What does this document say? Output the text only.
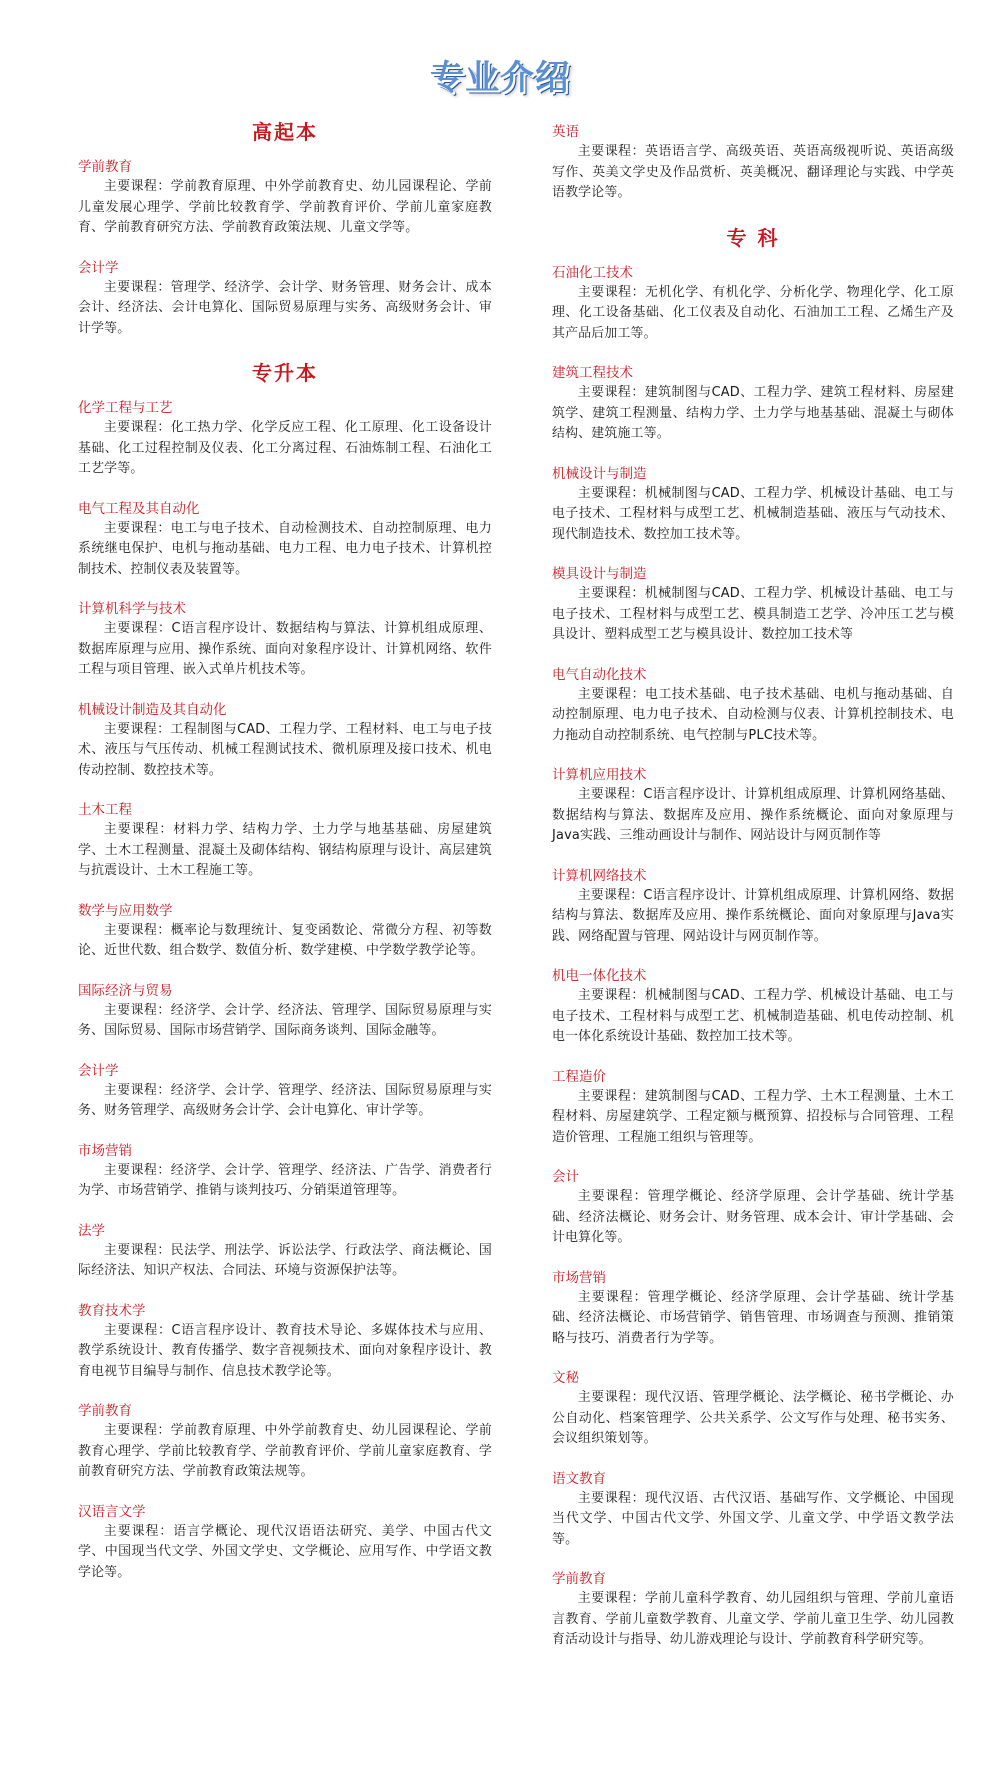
专业介绍
高起本

学前教育

主要课程：学前教育原理、中外学前教育史、幼儿园课程论、学前儿童发展心理学、学前比较教育学、学前教育评价、学前儿童家庭教育、学前教育研究方法、学前教育政策法规、儿童文学等。

会计学

主要课程：管理学、经济学、会计学、财务管理、财务会计、成本会计、经济法、会计电算化、国际贸易原理与实务、高级财务会计、审计学等。

专升本

化学工程与工艺

主要课程：化工热力学、化学反应工程、化工原理、化工设备设计基础、化工过程控制及仪表、化工分离过程、石油炼制工程、石油化工工艺学等。

电气工程及其自动化

主要课程：电工与电子技术、自动检测技术、自动控制原理、电力系统继电保护、电机与拖动基础、电力工程、电力电子技术、计算机控制技术、控制仪表及装置等。

计算机科学与技术

主要课程：C语言程序设计、数据结构与算法、计算机组成原理、数据库原理与应用、操作系统、面向对象程序设计、计算机网络、软件工程与项目管理、嵌入式单片机技术等。

机械设计制造及其自动化

主要课程：工程制图与CAD、工程力学、工程材料、电工与电子技术、液压与气压传动、机械工程测试技术、微机原理及接口技术、机电传动控制、数控技术等。

土木工程

主要课程：材料力学、结构力学、土力学与地基基础、房屋建筑学、土木工程测量、混凝土及砌体结构、钢结构原理与设计、高层建筑与抗震设计、土木工程施工等。

数学与应用数学

主要课程：概率论与数理统计、复变函数论、常微分方程、初等数论、近世代数、组合数学、数值分析、数学建模、中学数学教学论等。

国际经济与贸易

主要课程：经济学、会计学、经济法、管理学、国际贸易原理与实务、国际贸易、国际市场营销学、国际商务谈判、国际金融等。

会计学

主要课程：经济学、会计学、管理学、经济法、国际贸易原理与实务、财务管理学、高级财务会计学、会计电算化、审计学等。

市场营销

主要课程：经济学、会计学、管理学、经济法、广告学、消费者行为学、市场营销学、推销与谈判技巧、分销渠道管理等。

法学

主要课程：民法学、刑法学、诉讼法学、行政法学、商法概论、国际经济法、知识产权法、合同法、环境与资源保护法等。

教育技术学

主要课程：C语言程序设计、教育技术导论、多媒体技术与应用、教学系统设计、教育传播学、数字音视频技术、面向对象程序设计、教育电视节目编导与制作、信息技术教学论等。

学前教育

主要课程：学前教育原理、中外学前教育史、幼儿园课程论、学前教育心理学、学前比较教育学、学前教育评价、学前儿童家庭教育、学前教育研究方法、学前教育政策法规等。

汉语言文学

主要课程：语言学概论、现代汉语语法研究、美学、中国古代文学、中国现当代文学、外国文学史、文学概论、应用写作、中学语文教学论等。

英语

主要课程：英语语言学、高级英语、英语高级视听说、英语高级写作、英美文学史及作品赏析、英美概况、翻译理论与实践、中学英语教学论等。

专 科

石油化工技术

主要课程：无机化学、有机化学、分析化学、物理化学、化工原理、化工设备基础、化工仪表及自动化、石油加工工程、乙烯生产及其产品后加工等。

建筑工程技术

主要课程：建筑制图与CAD、工程力学、建筑工程材料、房屋建筑学、建筑工程测量、结构力学、土力学与地基基础、混凝土与砌体结构、建筑施工等。

机械设计与制造

主要课程：机械制图与CAD、工程力学、机械设计基础、电工与电子技术、工程材料与成型工艺、机械制造基础、液压与气动技术、现代制造技术、数控加工技术等。

模具设计与制造

主要课程：机械制图与CAD、工程力学、机械设计基础、电工与电子技术、工程材料与成型工艺、模具制造工艺学、冷冲压工艺与模具设计、塑料成型工艺与模具设计、数控加工技术等

电气自动化技术

主要课程：电工技术基础、电子技术基础、电机与拖动基础、自动控制原理、电力电子技术、自动检测与仪表、计算机控制技术、电力拖动自动控制系统、电气控制与PLC技术等。

计算机应用技术

主要课程：C语言程序设计、计算机组成原理、计算机网络基础、数据结构与算法、数据库及应用、操作系统概论、面向对象原理与Java实践、三维动画设计与制作、网站设计与网页制作等

计算机网络技术

主要课程：C语言程序设计、计算机组成原理、计算机网络、数据结构与算法、数据库及应用、操作系统概论、面向对象原理与Java实践、网络配置与管理、网站设计与网页制作等。

机电一体化技术

主要课程：机械制图与CAD、工程力学、机械设计基础、电工与电子技术、工程材料与成型工艺、机械制造基础、机电传动控制、机电一体化系统设计基础、数控加工技术等。

工程造价

主要课程：建筑制图与CAD、工程力学、土木工程测量、土木工程材料、房屋建筑学、工程定额与概预算、招投标与合同管理、工程造价管理、工程施工组织与管理等。

会计

主要课程：管理学概论、经济学原理、会计学基础、统计学基础、经济法概论、财务会计、财务管理、成本会计、审计学基础、会计电算化等。

市场营销

主要课程：管理学概论、经济学原理、会计学基础、统计学基础、经济法概论、市场营销学、销售管理、市场调查与预测、推销策略与技巧、消费者行为学等。

文秘

主要课程：现代汉语、管理学概论、法学概论、秘书学概论、办公自动化、档案管理学、公共关系学、公文写作与处理、秘书实务、会议组织策划等。

语文教育

主要课程：现代汉语、古代汉语、基础写作、文学概论、中国现当代文学、中国古代文学、外国文学、儿童文学、中学语文教学法等。

学前教育

主要课程：学前儿童科学教育、幼儿园组织与管理、学前儿童语言教育、学前儿童数学教育、儿童文学、学前儿童卫生学、幼儿园教育活动设计与指导、幼儿游戏理论与设计、学前教育科学研究等。
